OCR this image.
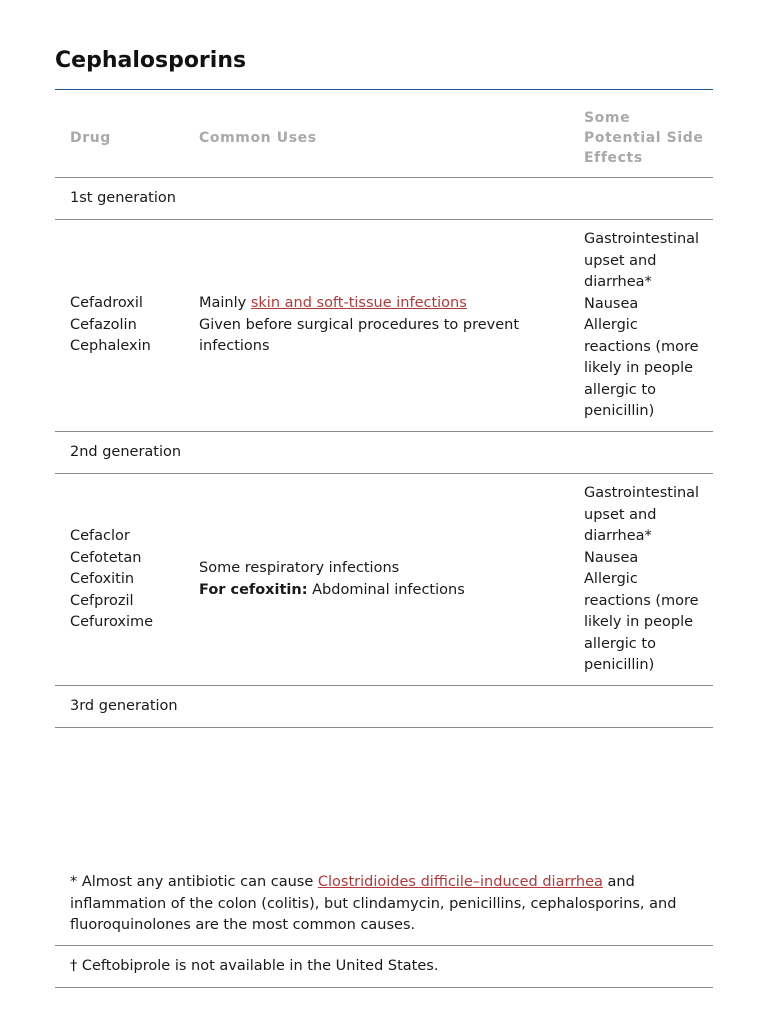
Cephalosporins
Drug	Common Uses
Some
Potential Side
Effects
1st generation
Cefadroxil
Cefazolin
Cephalexin
Mainly skin and soft-tissue infections
Given before surgical procedures to prevent
infections
Gastrointestinal
upset and
diarrhea*
Nausea
Allergic
reactions (more
likely in people
allergic to
penicillin)
2nd generation
Cefaclor
Cefotetan
Cefoxitin
Cefprozil
Cefuroxime
Some respiratory infections
For cefoxitin: Abdominal infections
Gastrointestinal
upset and
diarrhea*
Nausea
Allergic
reactions (more
likely in people
allergic to
penicillin)
3rd generation
* Almost any antibiotic can cause Clostridioides difficile–induced diarrhea and
inflammation of the colon (colitis), but clindamycin, penicillins, cephalosporins, and
fluoroquinolones are the most common causes.
† Ceftobiprole is not available in the United States.
